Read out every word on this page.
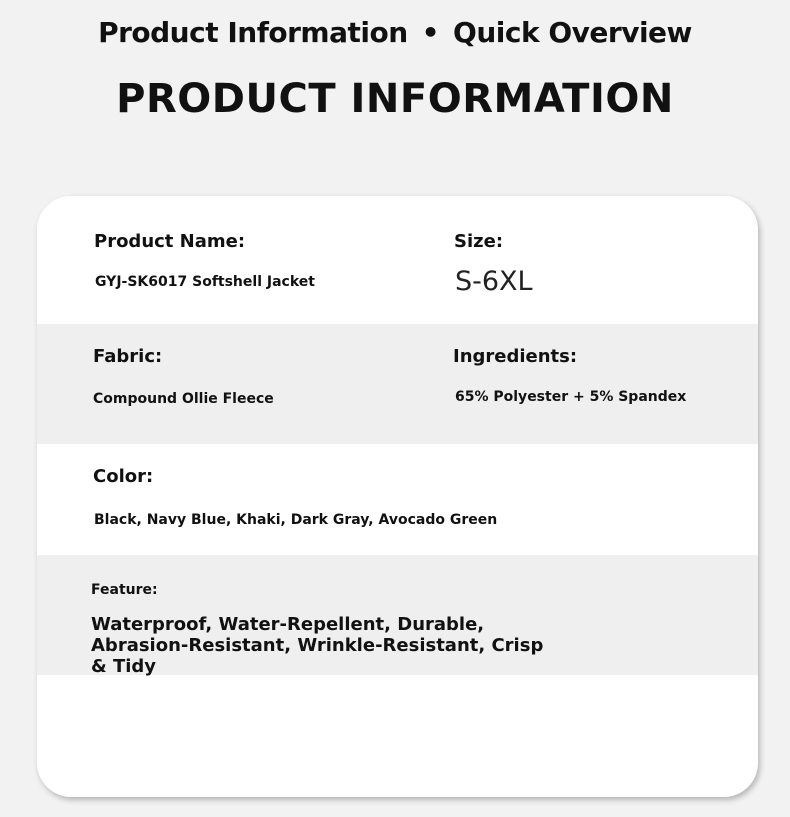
Product Information • Quick Overview
PRODUCT INFORMATION
Product Name:
GYJ-SK6017 Softshell Jacket
Size:
S-6XL
Fabric:
Compound Ollie Fleece
Ingredients:
65% Polyester + 5% Spandex
Color:
Black, Navy Blue, Khaki, Dark Gray, Avocado Green
Feature:
Waterproof, Water-Repellent, Durable, Abrasion-Resistant, Wrinkle-Resistant, Crisp & Tidy
